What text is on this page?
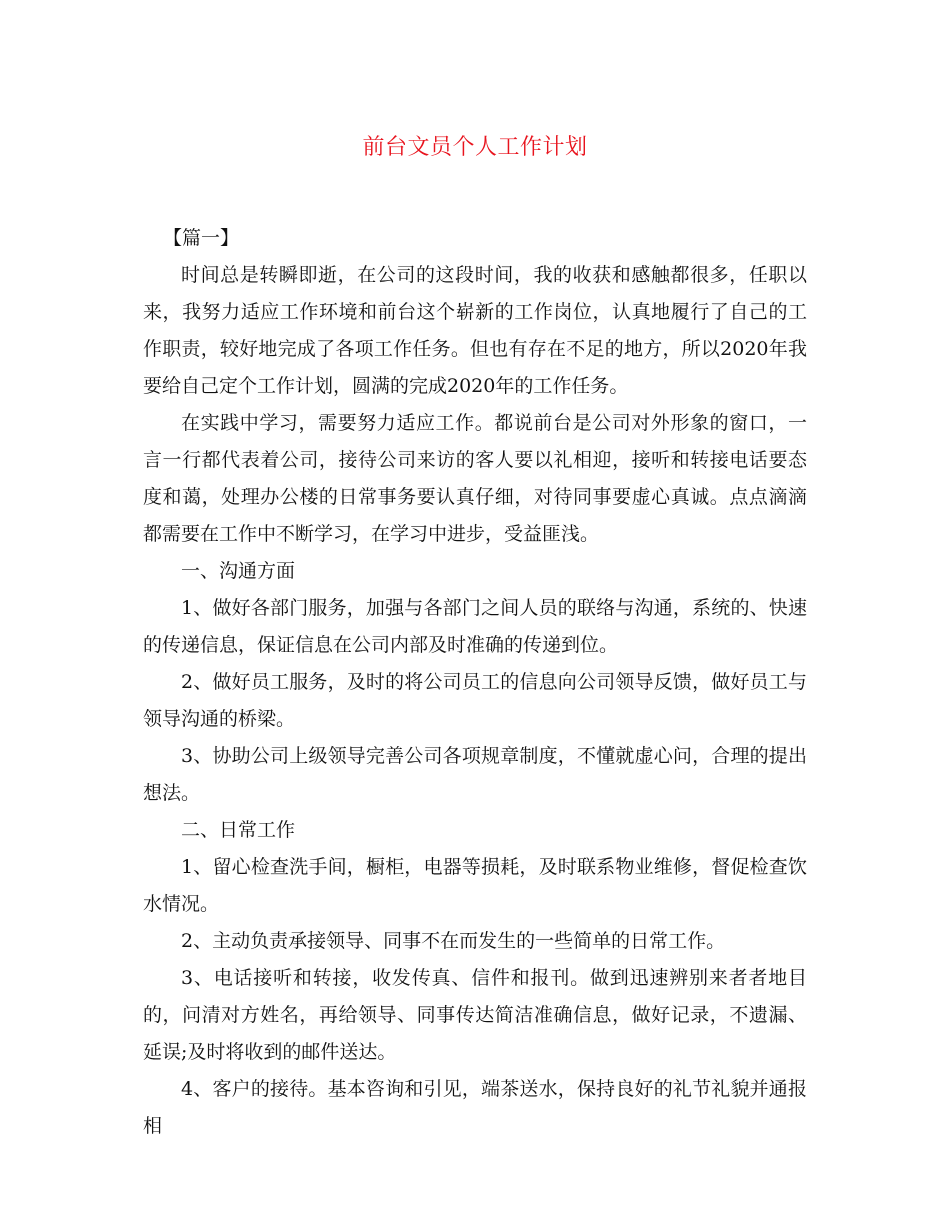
前台文员个人工作计划

【篇一】

时间总是转瞬即逝，在公司的这段时间，我的收获和感触都很多，任职以来，我努力适应工作环境和前台这个崭新的工作岗位，认真地履行了自己的工作职责，较好地完成了各项工作任务。但也有存在不足的地方，所以2020年我要给自己定个工作计划，圆满的完成2020年的工作任务。

在实践中学习，需要努力适应工作。都说前台是公司对外形象的窗口，一言一行都代表着公司，接待公司来访的客人要以礼相迎，接听和转接电话要态度和蔼，处理办公楼的日常事务要认真仔细，对待同事要虚心真诚。点点滴滴都需要在工作中不断学习，在学习中进步，受益匪浅。

一、沟通方面

1、做好各部门服务，加强与各部门之间人员的联络与沟通，系统的、快速的传递信息，保证信息在公司内部及时准确的传递到位。

2、做好员工服务，及时的将公司员工的信息向公司领导反馈，做好员工与领导沟通的桥梁。

3、协助公司上级领导完善公司各项规章制度，不懂就虚心问，合理的提出想法。

二、日常工作

1、留心检查洗手间，橱柜，电器等损耗，及时联系物业维修，督促检查饮水情况。

2、主动负责承接领导、同事不在而发生的一些简单的日常工作。

3、电话接听和转接，收发传真、信件和报刊。做到迅速辨别来者者地目的，问清对方姓名，再给领导、同事传达简洁准确信息，做好记录，不遗漏、延误;及时将收到的邮件送达。

4、客户的接待。基本咨询和引见，端茶送水，保持良好的礼节礼貌并通报相
